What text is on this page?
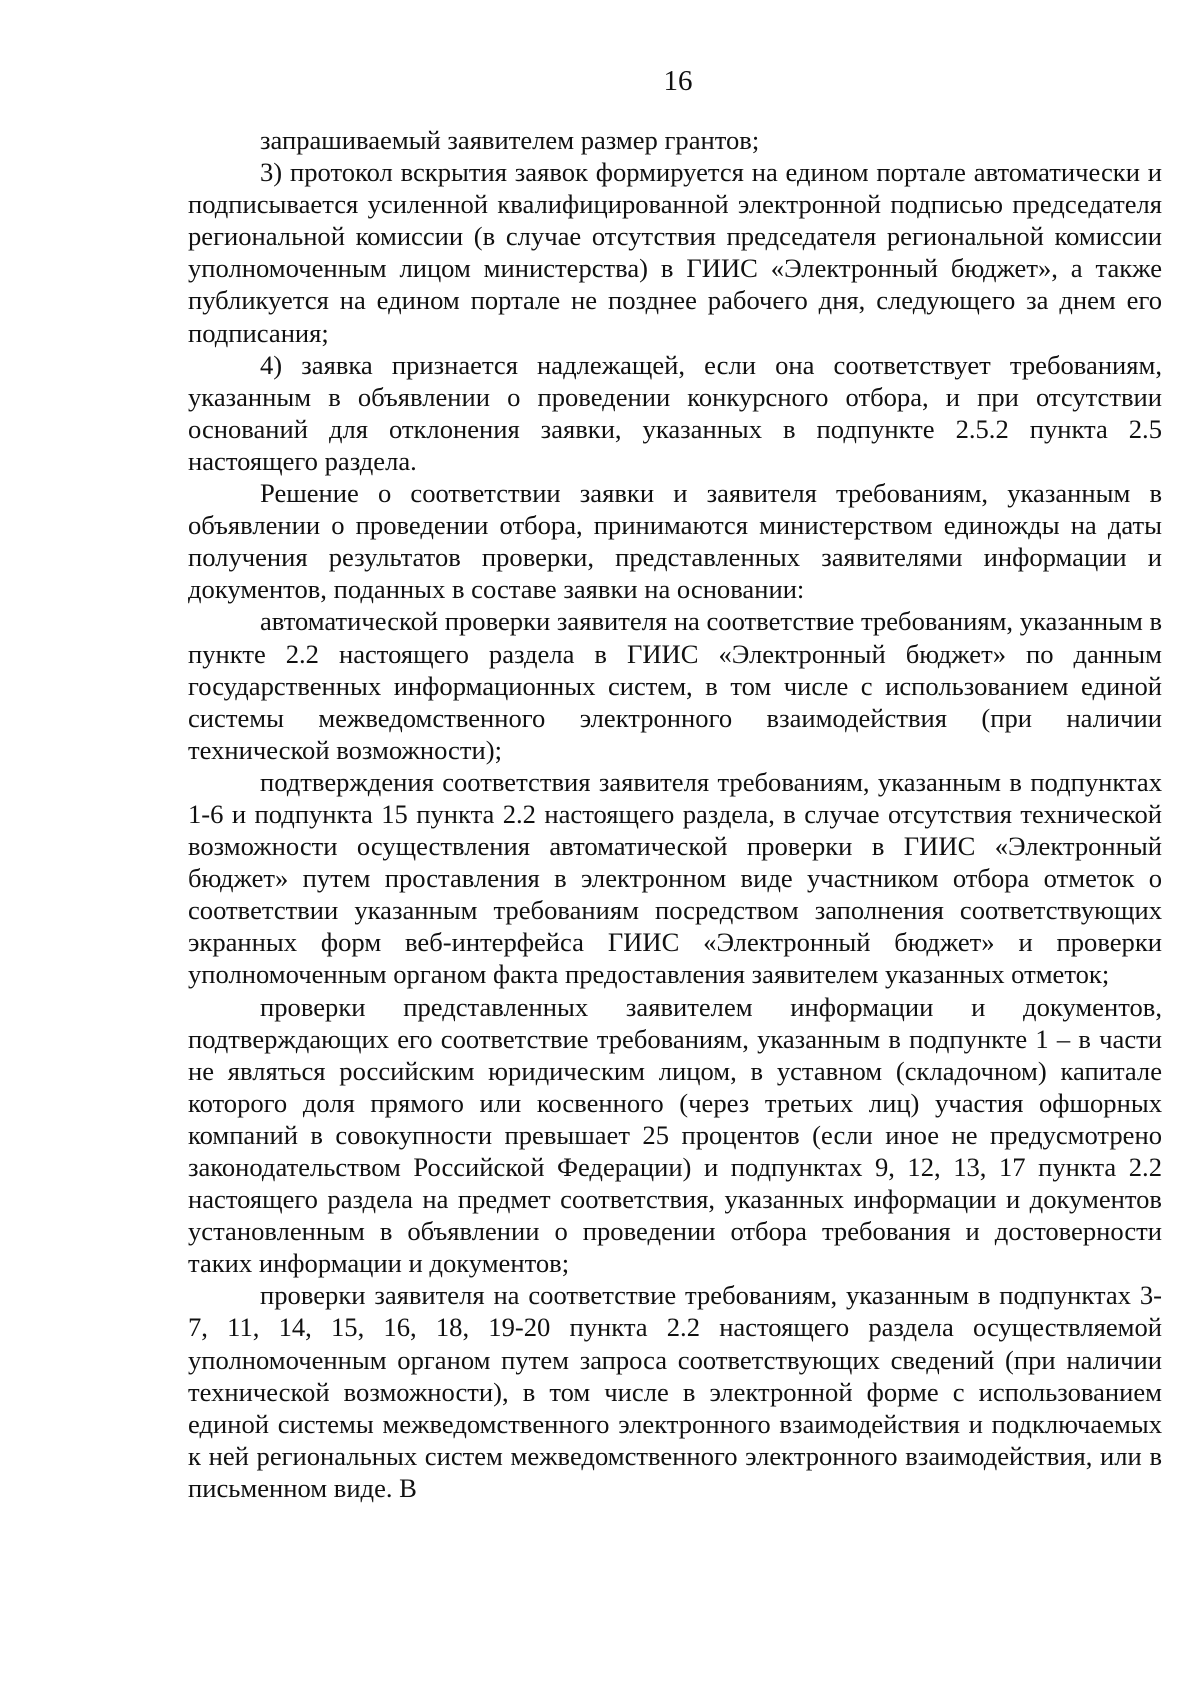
16

запрашиваемый заявителем размер грантов;

3) протокол вскрытия заявок формируется на едином портале автоматически и подписывается усиленной квалифицированной электронной подписью председателя региональной комиссии (в случае отсутствия председателя региональной комиссии уполномоченным лицом министерства) в ГИИС «Электронный бюджет», а также публикуется на едином портале не позднее рабочего дня, следующего за днем его подписания;

4) заявка признается надлежащей, если она соответствует требованиям, указанным в объявлении о проведении конкурсного отбора, и при отсутствии оснований для отклонения заявки, указанных в подпункте 2.5.2 пункта 2.5 настоящего раздела.

Решение о соответствии заявки и заявителя требованиям, указанным в объявлении о проведении отбора, принимаются министерством единожды на даты получения результатов проверки, представленных заявителями информации и документов, поданных в составе заявки на основании:

автоматической проверки заявителя на соответствие требованиям, указанным в пункте 2.2 настоящего раздела в ГИИС «Электронный бюджет» по данным государственных информационных систем, в том числе с использованием единой системы межведомственного электронного взаимодействия (при наличии технической возможности);

подтверждения соответствия заявителя требованиям, указанным в подпунктах 1-6 и подпункта 15 пункта 2.2 настоящего раздела, в случае отсутствия технической возможности осуществления автоматической проверки в ГИИС «Электронный бюджет» путем проставления в электронном виде участником отбора отметок о соответствии указанным требованиям посредством заполнения соответствующих экранных форм веб-интерфейса ГИИС «Электронный бюджет» и проверки уполномоченным органом факта предоставления заявителем указанных отметок;

проверки представленных заявителем информации и документов, подтверждающих его соответствие требованиям, указанным в подпункте 1 – в части не являться российским юридическим лицом, в уставном (складочном) капитале которого доля прямого или косвенного (через третьих лиц) участия офшорных компаний в совокупности превышает 25 процентов (если иное не предусмотрено законодательством Российской Федерации) и подпунктах 9, 12, 13, 17 пункта 2.2 настоящего раздела на предмет соответствия, указанных информации и документов установленным в объявлении о проведении отбора требования и достоверности таких информации и документов;

проверки заявителя на соответствие требованиям, указанным в подпунктах 3-7, 11, 14, 15, 16, 18, 19-20 пункта 2.2 настоящего раздела осуществляемой уполномоченным органом путем запроса соответствующих сведений (при наличии технической возможности), в том числе в электронной форме с использованием единой системы межведомственного электронного взаимодействия и подключаемых к ней региональных систем межведомственного электронного взаимодействия, или в письменном виде. В
